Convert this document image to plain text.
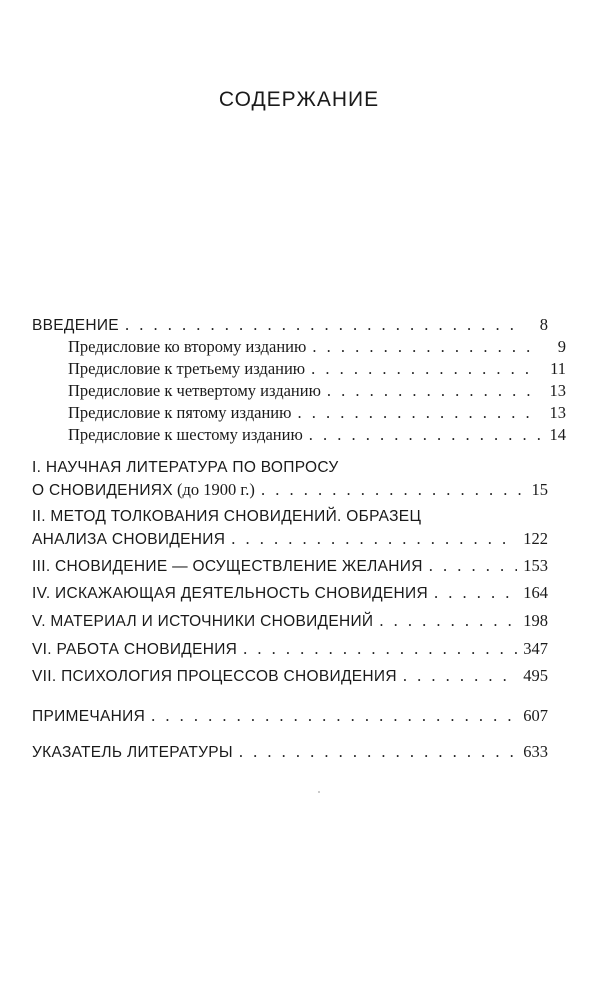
СОДЕРЖАНИЕ
ВВЕДЕНИЕ . . .	8
Предисловие ко второму изданию . . .	9
Предисловие к третьему изданию . . .	11
Предисловие к четвертому изданию . . .	13
Предисловие к пятому изданию . . .	13
Предисловие к шестому изданию . . .	14
I. НАУЧНАЯ ЛИТЕРАТУРА ПО ВОПРОСУ
О СНОВИДЕНИЯХ (до 1900 г.) . . .	15
II. МЕТОД ТОЛКОВАНИЯ СНОВИДЕНИЙ. ОБРАЗЕЦ
АНАЛИЗА СНОВИДЕНИЯ . . .	122
III. СНОВИДЕНИЕ — ОСУЩЕСТВЛЕНИЕ ЖЕЛАНИЯ . . .	153
IV. ИСКАЖАЮЩАЯ ДЕЯТЕЛЬНОСТЬ СНОВИДЕНИЯ . . .	164
V. МАТЕРИАЛ И ИСТОЧНИКИ СНОВИДЕНИЙ . . .	198
VI. РАБОТА СНОВИДЕНИЯ . . .	347
VII. ПСИХОЛОГИЯ ПРОЦЕССОВ СНОВИДЕНИЯ . . .	495
ПРИМЕЧАНИЯ . . .	607
УКАЗАТЕЛЬ ЛИТЕРАТУРЫ . . .	633
